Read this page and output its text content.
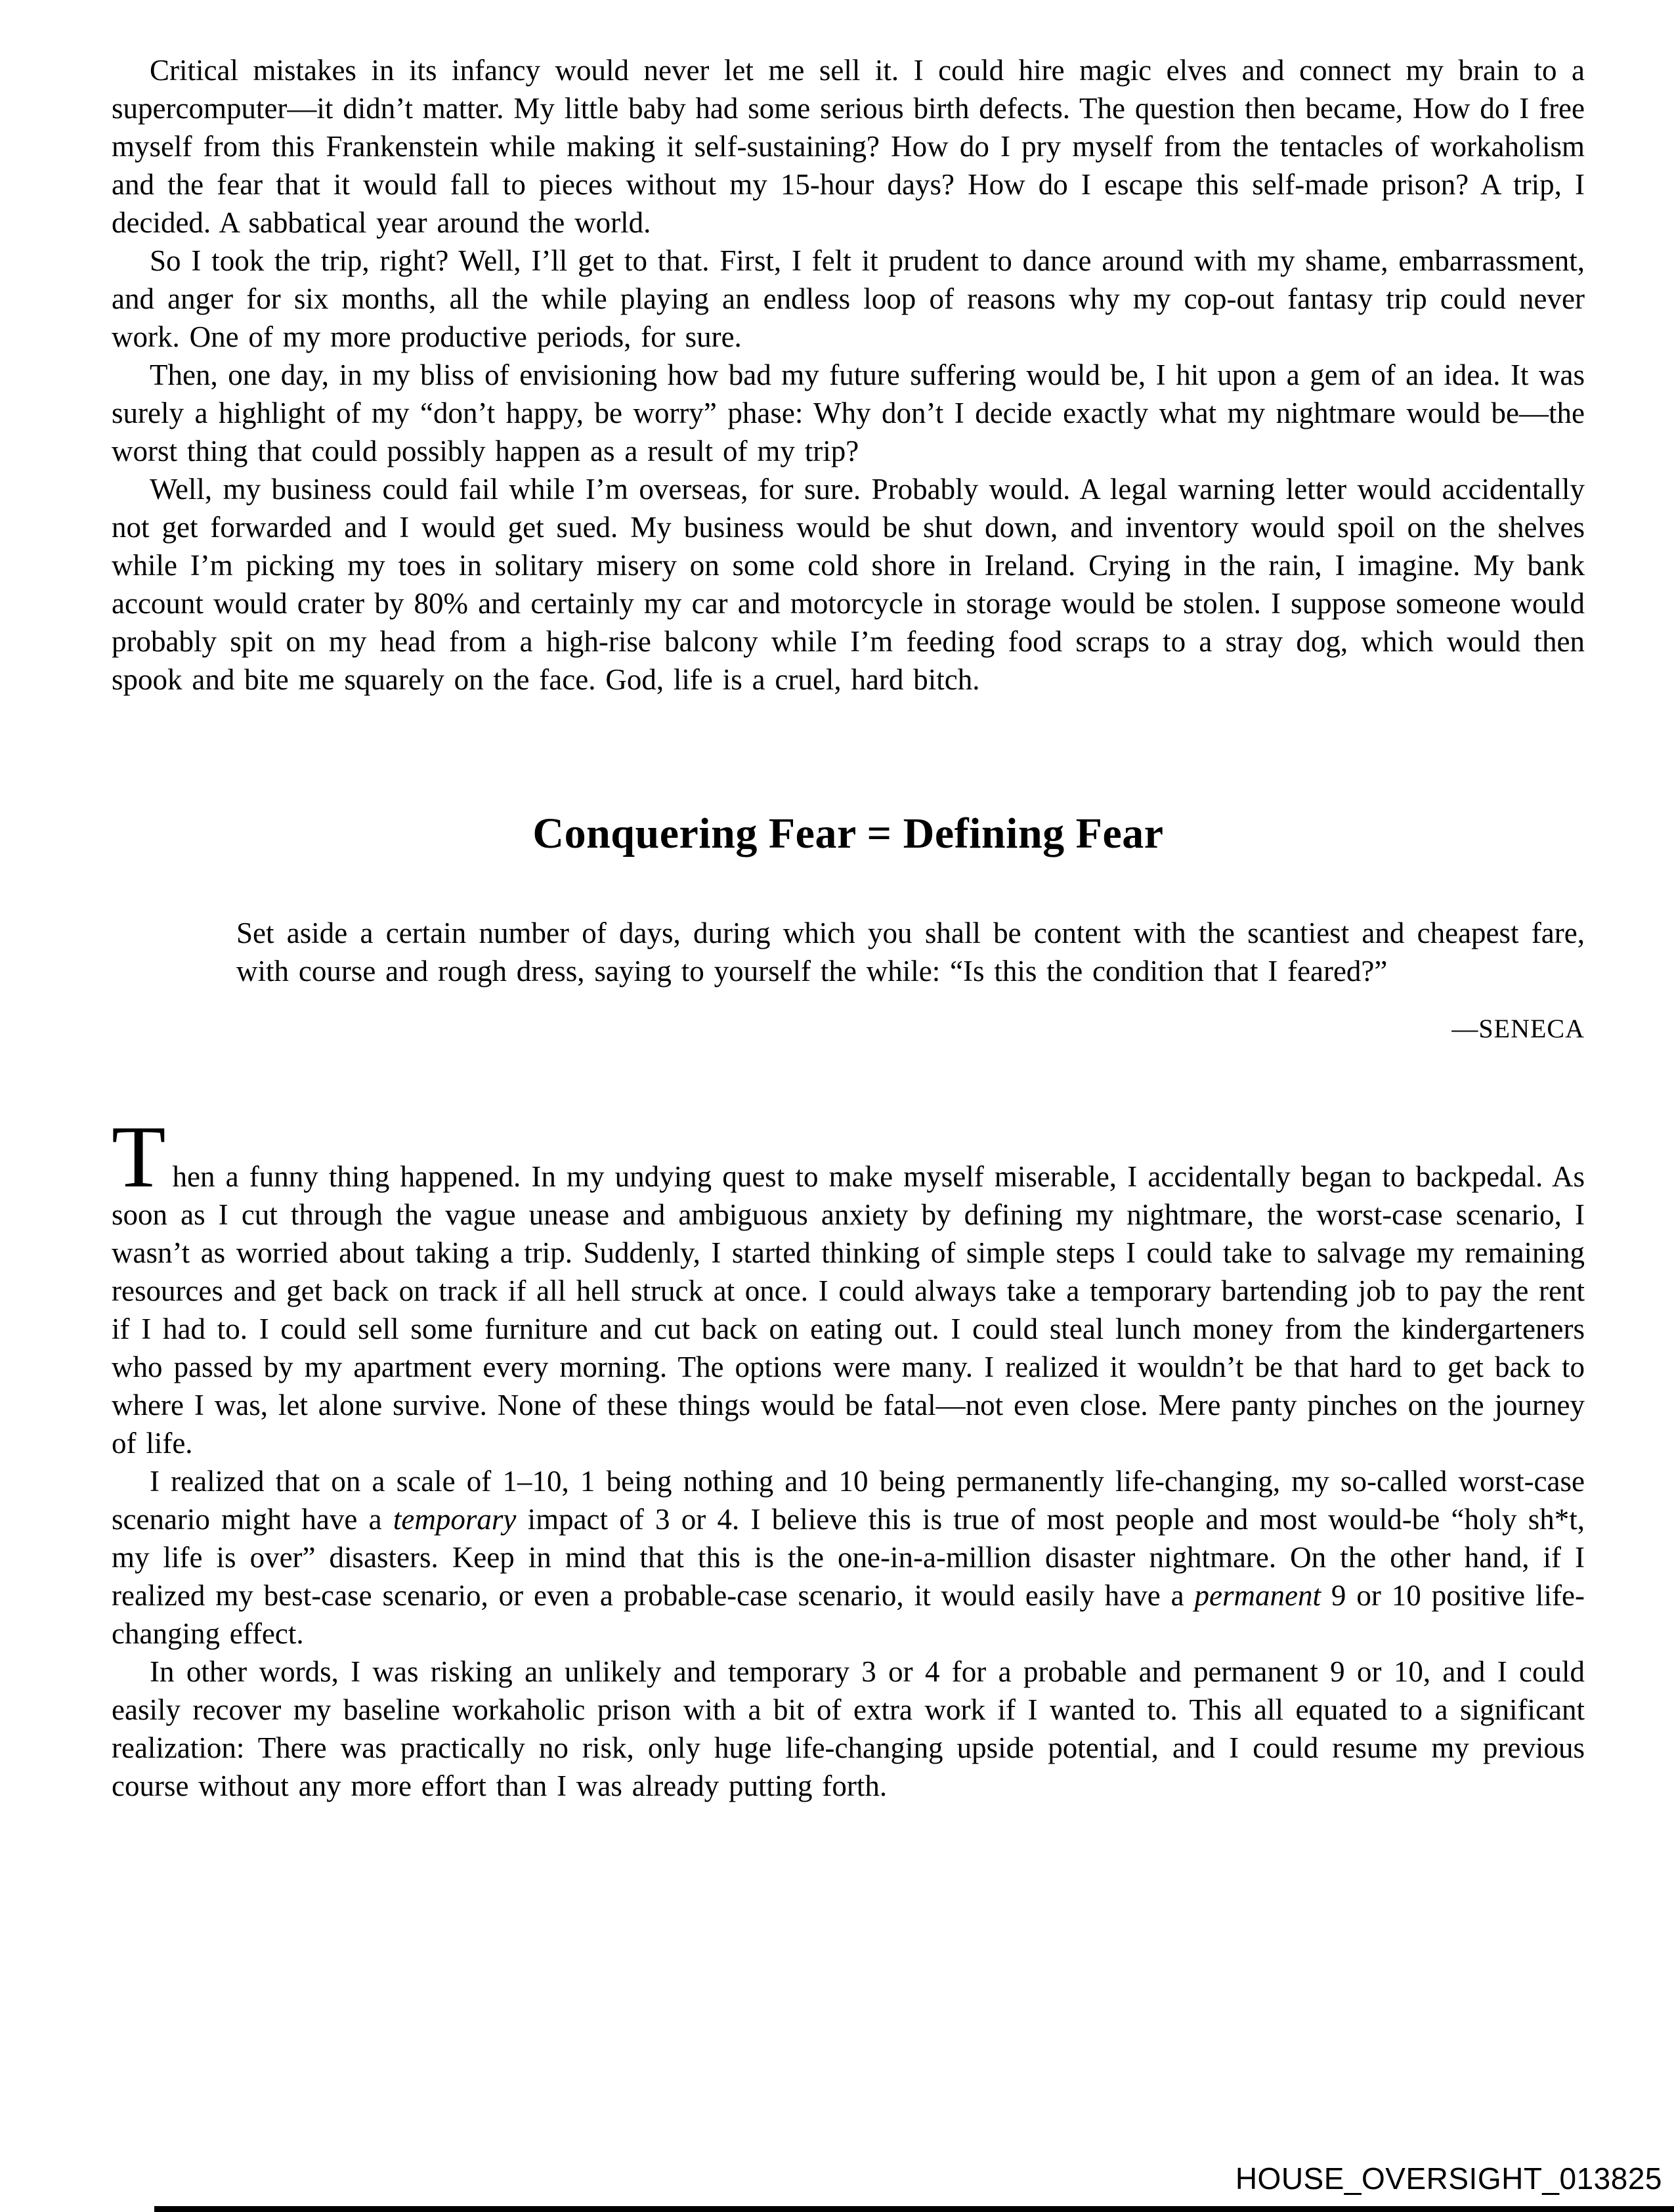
Critical mistakes in its infancy would never let me sell it. I could hire magic elves and connect my brain to a supercomputer—it didn’t matter. My little baby had some serious birth defects. The question then became, How do I free myself from this Frankenstein while making it self-sustaining? How do I pry myself from the tentacles of workaholism and the fear that it would fall to pieces without my 15-hour days? How do I escape this self-made prison? A trip, I decided. A sabbatical year around the world.

So I took the trip, right? Well, I’ll get to that. First, I felt it prudent to dance around with my shame, embarrassment, and anger for six months, all the while playing an endless loop of reasons why my cop-out fantasy trip could never work. One of my more productive periods, for sure.

Then, one day, in my bliss of envisioning how bad my future suffering would be, I hit upon a gem of an idea. It was surely a highlight of my “don’t happy, be worry” phase: Why don’t I decide exactly what my nightmare would be—the worst thing that could possibly happen as a result of my trip?

Well, my business could fail while I’m overseas, for sure. Probably would. A legal warning letter would accidentally not get forwarded and I would get sued. My business would be shut down, and inventory would spoil on the shelves while I’m picking my toes in solitary misery on some cold shore in Ireland. Crying in the rain, I imagine. My bank account would crater by 80% and certainly my car and motorcycle in storage would be stolen. I suppose someone would probably spit on my head from a high-rise balcony while I’m feeding food scraps to a stray dog, which would then spook and bite me squarely on the face. God, life is a cruel, hard bitch.

Conquering Fear = Defining Fear

Set aside a certain number of days, during which you shall be content with the scantiest and cheapest fare, with course and rough dress, saying to yourself the while: “Is this the condition that I feared?”

—SENECA

Then a funny thing happened. In my undying quest to make myself miserable, I accidentally began to backpedal. As soon as I cut through the vague unease and ambiguous anxiety by defining my nightmare, the worst-case scenario, I wasn’t as worried about taking a trip. Suddenly, I started thinking of simple steps I could take to salvage my remaining resources and get back on track if all hell struck at once. I could always take a temporary bartending job to pay the rent if I had to. I could sell some furniture and cut back on eating out. I could steal lunch money from the kindergarteners who passed by my apartment every morning. The options were many. I realized it wouldn’t be that hard to get back to where I was, let alone survive. None of these things would be fatal—not even close. Mere panty pinches on the journey of life.

I realized that on a scale of 1–10, 1 being nothing and 10 being permanently life-changing, my so-called worst-case scenario might have a temporary impact of 3 or 4. I believe this is true of most people and most would-be “holy sh*t, my life is over” disasters. Keep in mind that this is the one-in-a-million disaster nightmare. On the other hand, if I realized my best-case scenario, or even a probable-case scenario, it would easily have a permanent 9 or 10 positive life-changing effect.

In other words, I was risking an unlikely and temporary 3 or 4 for a probable and permanent 9 or 10, and I could easily recover my baseline workaholic prison with a bit of extra work if I wanted to. This all equated to a significant realization: There was practically no risk, only huge life-changing upside potential, and I could resume my previous course without any more effort than I was already putting forth.

HOUSE_OVERSIGHT_013825
